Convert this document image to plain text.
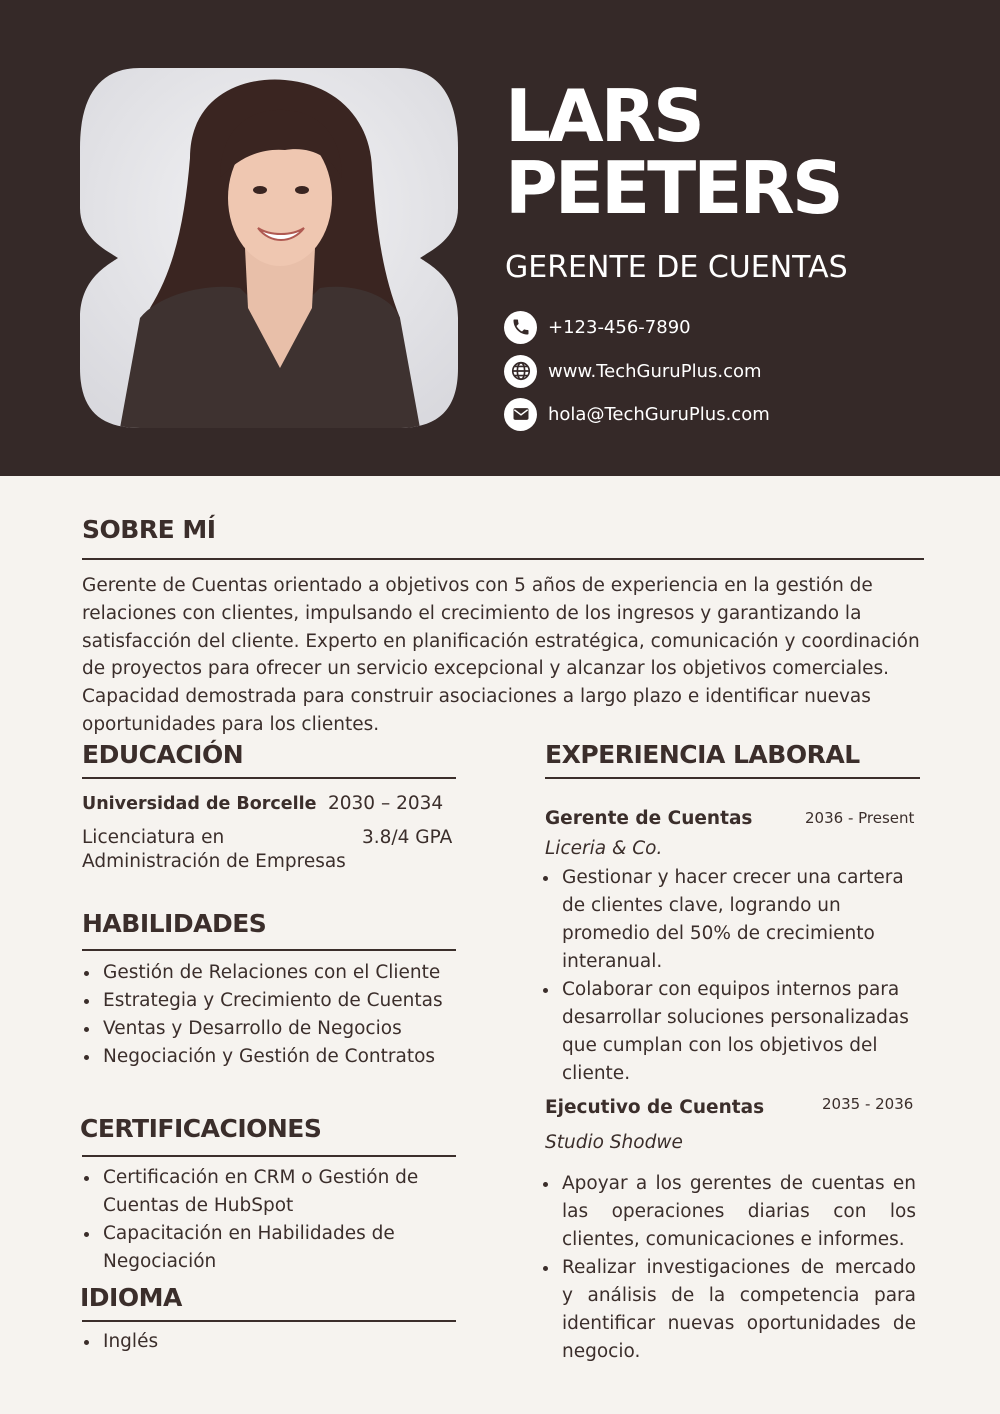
LARS
PEETERS
GERENTE DE CUENTAS
+123-456-7890
www.TechGuruPlus.com
hola@TechGuruPlus.com
SOBRE MÍ
Gerente de Cuentas orientado a objetivos con 5 años de experiencia en la gestión de relaciones con clientes, impulsando el crecimiento de los ingresos y garantizando la satisfacción del cliente. Experto en planificación estratégica, comunicación y coordinación de proyectos para ofrecer un servicio excepcional y alcanzar los objetivos comerciales. Capacidad demostrada para construir asociaciones a largo plazo e identificar nuevas oportunidades para los clientes.
EDUCACIÓN
Universidad de Borcelle 2030 – 2034
Licenciatura en Administración de Empresas
3.8/4 GPA
HABILIDADES
Gestión de Relaciones con el Cliente
Estrategia y Crecimiento de Cuentas
Ventas y Desarrollo de Negocios
Negociación y Gestión de Contratos
CERTIFICACIONES
Certificación en CRM o Gestión de Cuentas de HubSpot
Capacitación en Habilidades de Negociación
IDIOMA
Inglés
EXPERIENCIA LABORAL
Gerente de Cuentas	2036 - Present
Liceria & Co.
Gestionar y hacer crecer una cartera de clientes clave, logrando un promedio del 50% de crecimiento interanual.
Colaborar con equipos internos para desarrollar soluciones personalizadas que cumplan con los objetivos del cliente.
Ejecutivo de Cuentas	2035 - 2036
Studio Shodwe
Apoyar a los gerentes de cuentas en las operaciones diarias con los clientes, comunicaciones e informes.
Realizar investigaciones de mercado y análisis de la competencia para identificar nuevas oportunidades de negocio.
